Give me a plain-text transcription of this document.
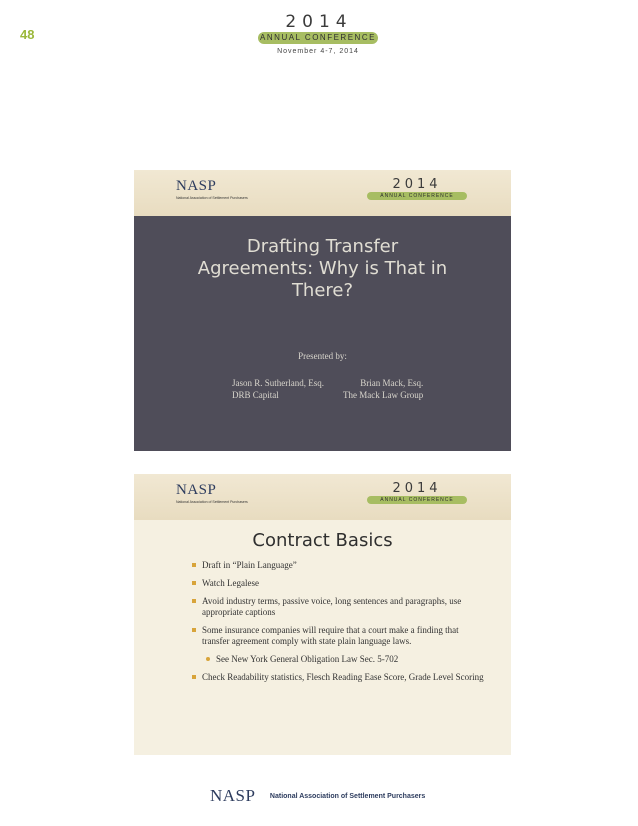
48
2014
ANNUAL CONFERENCE
November 4-7, 2014
NASP
National Association of Settlement Purchasers
2014
ANNUAL CONFERENCE
Drafting Transfer
Agreements: Why is That in
There?
Presented by:
Jason R. Sutherland, Esq.
DRB Capital
Brian Mack, Esq.
The Mack Law Group
NASP
National Association of Settlement Purchasers
2014
ANNUAL CONFERENCE
Contract Basics
Draft in “Plain Language”
Watch Legalese
Avoid industry terms, passive voice, long sentences and paragraphs, use appropriate captions
Some insurance companies will require that a court make a finding that transfer agreement comply with state plain language laws.
See New York General Obligation Law Sec. 5-702
Check Readability statistics, Flesch Reading Ease Score, Grade Level Scoring
NASP National Association of Settlement Purchasers
